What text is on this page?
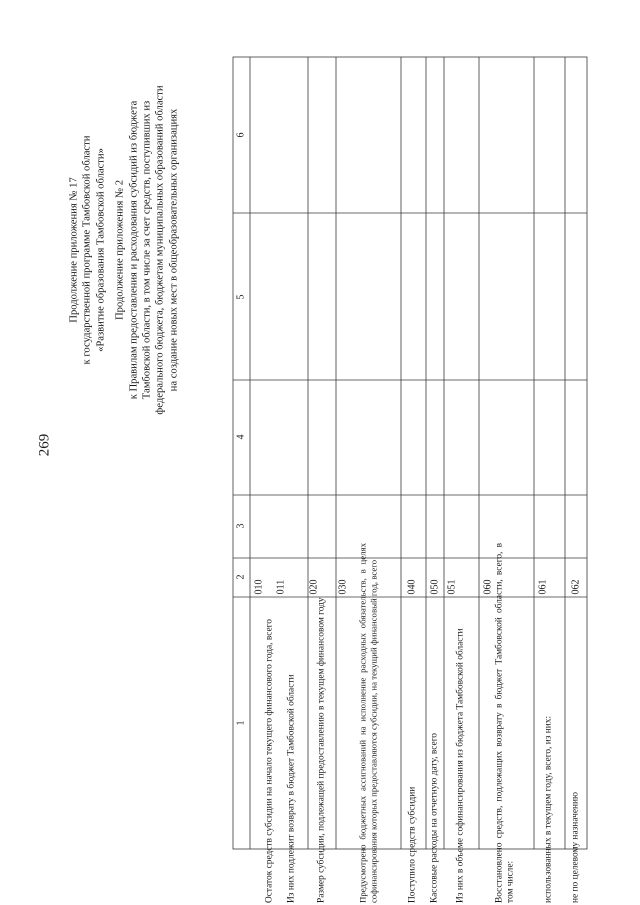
269
Продолжение приложения № 17 к государственной программе Тамбовской области «Развитие образования Тамбовской области» Продолжение приложения № 2 к Правилам предоставления и расходования субсидий из бюджета Тамбовской области, в том числе за счет средств, поступивших из федерального бюджета, бюджетам муниципальных образований области на создание новых мест в общеобразовательных организациях
1
2
3
4
5
6
Остаток средств субсидии на начало текущего финансового года, всего
010
Из них подлежит возврату в бюджет Тамбовской области
011
Размер субсидии, подлежащей предоставлению в текущем финансовом году
020	Предусмотрено бюджетных ассигнований на исполнение расходных обязательств, в целях софинансирования которых предоставляются субсидии, на текущий финансовый год, всего
030
Поступило средств субсидии
040
Кассовые расходы на отчетную дату, всего
050
Из них в объеме софинансирования из бюджета Тамбовской области
051	Восстановлено средств, подлежащих возврату в бюджет Тамбовской области, всего, в том числе:
060
использованных в текущем году, всего, из них:
061
не по целевому назначению
062
